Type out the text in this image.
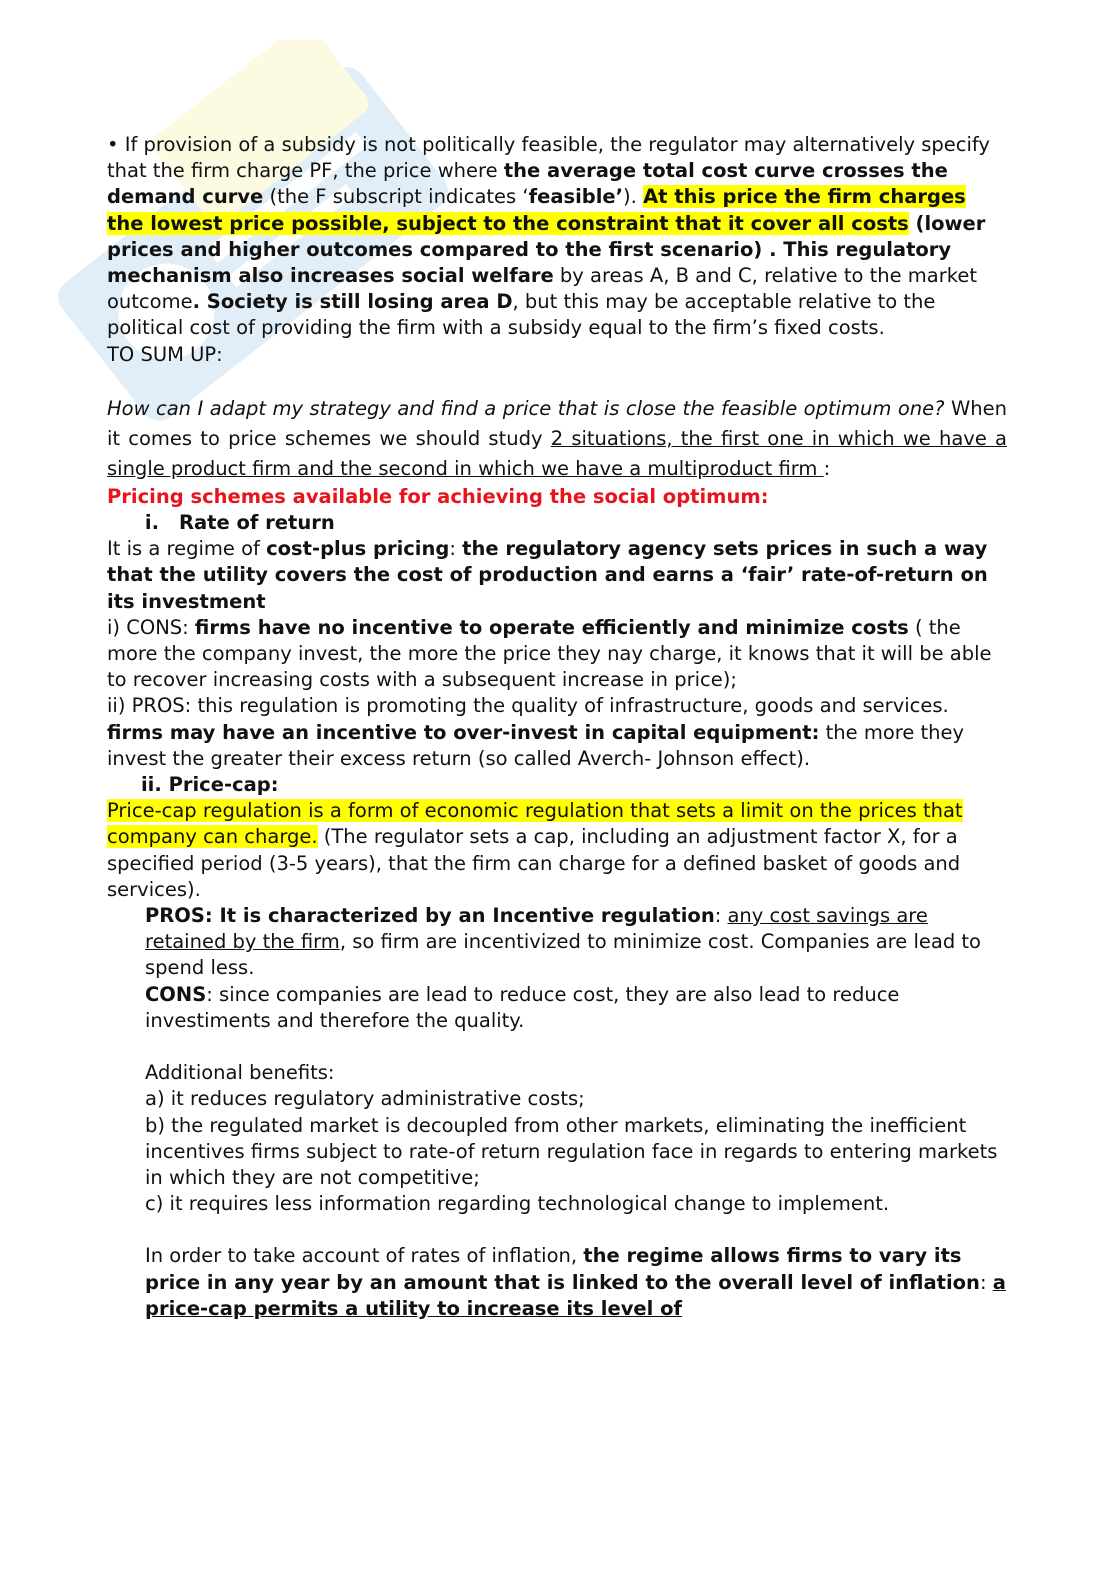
• If provision of a subsidy is not politically feasible, the regulator may alternatively specify that the firm charge PF, the price where the average total cost curve crosses the demand curve (the F subscript indicates ‘feasible’). At this price the firm charges the lowest price possible, subject to the constraint that it cover all costs (lower prices and higher outcomes compared to the first scenario) . This regulatory mechanism also increases social welfare by areas A, B and C, relative to the market outcome. Society is still losing area D, but this may be acceptable relative to the political cost of providing the firm with a subsidy equal to the firm’s fixed costs.

TO SUM UP:

How can I adapt my strategy and find a price that is close the feasible optimum one? When it comes to price schemes we should study 2 situations, the first one in which we have a single product firm and the second in which we have a multiproduct firm :

Pricing schemes available for achieving the social optimum:

i.	Rate of return

It is a regime of cost-plus pricing: the regulatory agency sets prices in such a way that the utility covers the cost of production and earns a ‘fair’ rate-of-return on its investment

i) CONS: firms have no incentive to operate efficiently and minimize costs ( the more the company invest, the more the price they nay charge, it knows that it will be able to recover increasing costs with a subsequent increase in price);

ii) PROS: this regulation is promoting the quality of infrastructure, goods and services. firms may have an incentive to over-invest in capital equipment: the more they invest the greater their excess return (so called Averch- Johnson effect).

ii. Price-cap:

Price-cap regulation is a form of economic regulation that sets a limit on the prices that company can charge. (The regulator sets a cap, including an adjustment factor X, for a specified period (3-5 years), that the firm can charge for a defined basket of goods and services).

PROS: It is characterized by an Incentive regulation: any cost savings are retained by the firm, so firm are incentivized to minimize cost. Companies are lead to spend less.

CONS: since companies are lead to reduce cost, they are also lead to reduce investiments and therefore the quality.

Additional benefits:

a) it reduces regulatory administrative costs;

b) the regulated market is decoupled from other markets, eliminating the inefficient incentives firms subject to rate-of return regulation face in regards to entering markets in which they are not competitive;

c) it requires less information regarding technological change to implement.

In order to take account of rates of inflation, the regime allows firms to vary its price in any year by an amount that is linked to the overall level of inflation: a price-cap permits a utility to increase its level of
